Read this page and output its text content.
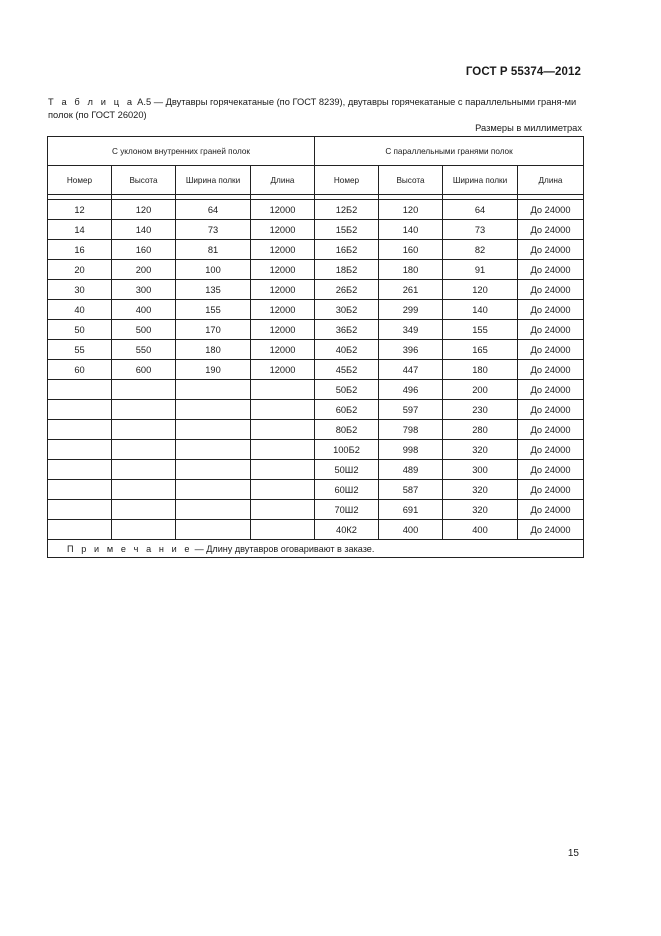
ГОСТ Р 55374—2012
Т а б л и ц а А.5 — Двутавры горячекатаные (по ГОСТ 8239), двутавры горячекатаные с параллельными граня-ми полок (по ГОСТ 26020)
Размеры в миллиметрах
С уклоном внутренних граней полок				С параллельными гранями полок			
Номер	Высота	Ширина полки	Длина	Номер	Высота	Ширина полки	Длина

12	120	64	12000	12Б2	120	64	До 24000
14	140	73	12000	15Б2	140	73	До 24000
16	160	81	12000	16Б2	160	82	До 24000
20	200	100	12000	18Б2	180	91	До 24000
30	300	135	12000	26Б2	261	120	До 24000
40	400	155	12000	30Б2	299	140	До 24000
50	500	170	12000	36Б2	349	155	До 24000
55	550	180	12000	40Б2	396	165	До 24000
60	600	190	12000	45Б2	447	180	До 24000
				50Б2	496	200	До 24000
				60Б2	597	230	До 24000
				80Б2	798	280	До 24000
				100Б2	998	320	До 24000
				50Ш2	489	300	До 24000
				60Ш2	587	320	До 24000
				70Ш2	691	320	До 24000
				40К2	400	400	До 24000
П р и м е ч а н и е — Длину двутавров оговаривают в заказе.							
15
